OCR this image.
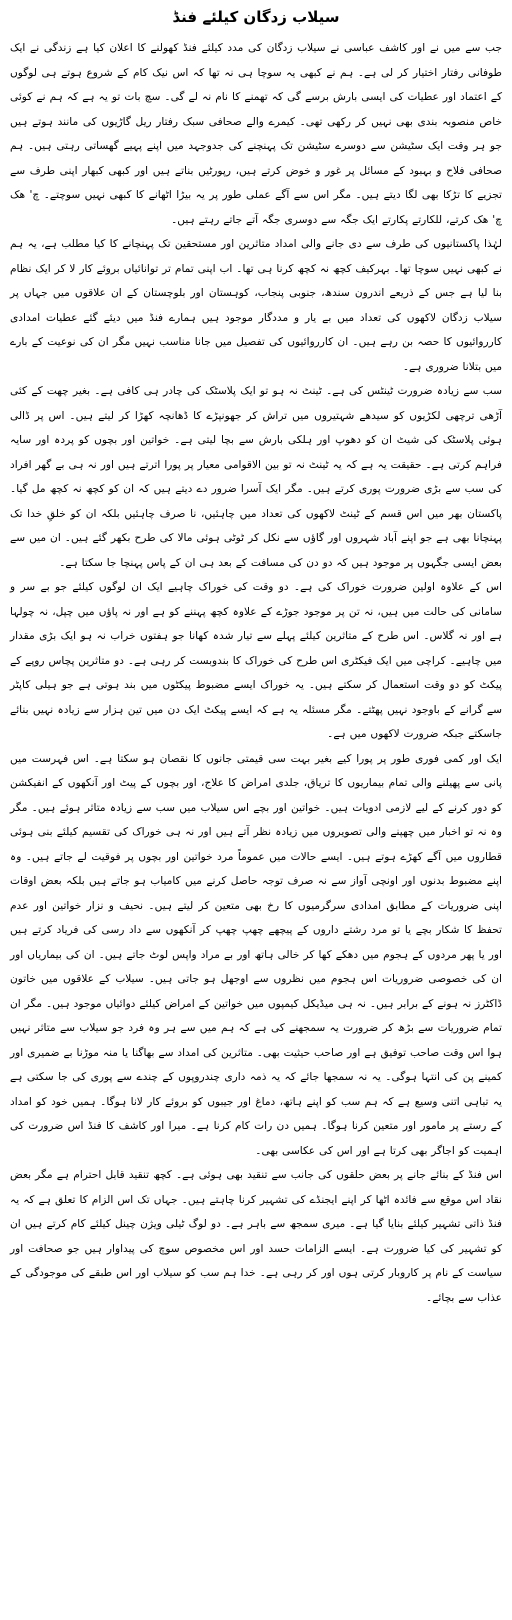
سیلاب زدگان کیلئے فنڈ

جب سے میں نے اور کاشف عباسی نے سیلاب زدگان کی مدد کیلئے فنڈ کھولنے کا اعلان کیا ہے زندگی نے ایک طوفانی رفتار اختیار کر لی ہے۔ ہم نے کبھی یہ سوچا ہی نہ تھا کہ اس نیک کام کے شروع ہوتے ہی لوگوں کے اعتماد اور عطیات کی ایسی بارش برسے گی کہ تھمنے کا نام نہ لے گی۔ سچ بات تو یہ ہے کہ ہم نے کوئی خاص منصوبہ بندی بھی نہیں کر رکھی تھی۔ کیمرے والے صحافی سبک رفتار ریل گاڑیوں کی مانند ہوتے ہیں جو ہر وقت ایک سٹیشن سے دوسرے سٹیشن تک پہنچنے کی جدوجہد میں اپنے پہیے گھساتی رہتی ہیں۔ ہم صحافی فلاح و بہبود کے مسائل پر غور و خوض کرتے ہیں، رپورٹیں بناتے ہیں اور کبھی کبھار اپنی طرف سے تجزیے کا تڑکا بھی لگا دیتے ہیں۔ مگر اس سے آگے عملی طور پر یہ بیڑا اٹھانے کا کبھی نہیں سوچتے۔ چ' ھک چ' ھک کرتے، للکارتے پکارتے ایک جگہ سے دوسری جگہ آتے جاتے رہتے ہیں۔

لہٰذا پاکستانیوں کی طرف سے دی جانے والی امداد متاثرین اور مستحقین تک پہنچانے کا کیا مطلب ہے، یہ ہم نے کبھی نہیں سوچا تھا۔ بہرکیف کچھ نہ کچھ کرنا ہی تھا۔ اب اپنی تمام تر توانائیاں بروئے کار لا کر ایک نظام بنا لیا ہے جس کے ذریعے اندرون سندھ، جنوبی پنجاب، کوہستان اور بلوچستان کے ان علاقوں میں جہاں پر سیلاب زدگان لاکھوں کی تعداد میں بے یار و مددگار موجود ہیں ہمارے فنڈ میں دیئے گئے عطیات امدادی کارروائیوں کا حصہ بن رہے ہیں۔ ان کارروائیوں کی تفصیل میں جانا مناسب نہیں مگر ان کی نوعیت کے بارے میں بتلانا ضروری ہے۔

سب سے زیادہ ضرورت ٹینٹس کی ہے۔ ٹینٹ نہ ہو تو ایک پلاسٹک کی چادر ہی کافی ہے۔ بغیر چھت کے کئی آڑھی ترچھی لکڑیوں کو سیدھے شہتیروں میں تراش کر جھونپڑے کا ڈھانچہ کھڑا کر لیتے ہیں۔ اس پر ڈالی ہوئی پلاسٹک کی شیٹ ان کو دھوپ اور ہلکی بارش سے بچا لیتی ہے۔ خواتین اور بچوں کو پردہ اور سایہ فراہم کرتی ہے۔ حقیقت یہ ہے کہ یہ ٹینٹ نہ تو بین الاقوامی معیار پر پورا اترتے ہیں اور نہ ہی بے گھر افراد کی سب سے بڑی ضرورت پوری کرتے ہیں۔ مگر ایک آسرا ضرور دے دیتے ہیں کہ ان کو کچھ نہ کچھ مل گیا۔ پاکستان بھر میں اس قسم کے ٹینٹ لاکھوں کی تعداد میں چاہئیں، نا صرف چاہئیں بلکہ ان کو خلقِ خدا تک پہنچانا بھی ہے جو اپنے آباد شہروں اور گاؤں سے نکل کر ٹوٹی ہوئی مالا کی طرح بکھر گئے ہیں۔ ان میں سے بعض ایسی جگہوں پر موجود ہیں کہ دو دن کی مسافت کے بعد ہی ان کے پاس پہنچا جا سکتا ہے۔

اس کے علاوہ اولین ضرورت خوراک کی ہے۔ دو وقت کی خوراک چاہیے ایک ان لوگوں کیلئے جو بے سر و سامانی کی حالت میں ہیں، نہ تن پر موجود جوڑے کے علاوہ کچھ پہننے کو ہے اور نہ پاؤں میں چپل، نہ چولہا ہے اور نہ گلاس۔ اس طرح کے متاثرین کیلئے پہلے سے تیار شدہ کھانا جو ہفتوں خراب نہ ہو ایک بڑی مقدار میں چاہیے۔ کراچی میں ایک فیکٹری اس طرح کی خوراک کا بندوبست کر رہی ہے۔ دو متاثرین پچاس روپے کے پیکٹ کو دو وقت استعمال کر سکتے ہیں۔ یہ خوراک ایسے مضبوط پیکٹوں میں بند ہوتی ہے جو ہیلی کاپٹر سے گرانے کے باوجود نہیں پھٹتے۔ مگر مسئلہ یہ ہے کہ ایسے پیکٹ ایک دن میں تین ہزار سے زیادہ نہیں بنائے جاسکتے جبکہ ضرورت لاکھوں میں ہے۔

ایک اور کمی فوری طور پر پورا کیے بغیر بہت سی قیمتی جانوں کا نقصان ہو سکتا ہے۔ اس فہرست میں پانی سے پھیلنے والی تمام بیماریوں کا تریاق، جلدی امراض کا علاج، اور بچوں کے پیٹ اور آنکھوں کے انفیکشن کو دور کرنے کے لیے لازمی ادویات ہیں۔ خواتین اور بچے اس سیلاب میں سب سے زیادہ متاثر ہوئے ہیں۔ مگر وہ نہ تو اخبار میں چھپنے والی تصویروں میں زیادہ نظر آتے ہیں اور نہ ہی خوراک کی تقسیم کیلئے بنی ہوئی قطاروں میں آگے کھڑے ہوتے ہیں۔ ایسے حالات میں عموماً مرد خواتین اور بچوں پر فوقیت لے جاتے ہیں۔ وہ اپنے مضبوط بدنوں اور اونچی آواز سے نہ صرف توجہ حاصل کرنے میں کامیاب ہو جاتے ہیں بلکہ بعض اوقات اپنی ضروریات کے مطابق امدادی سرگرمیوں کا رخ بھی متعین کر لیتے ہیں۔ نحیف و نزار خواتین اور عدم تحفظ کا شکار بچے یا تو مرد رشتے داروں کے پیچھے چھپ چھپ کر آنکھوں سے داد رسی کی فریاد کرتے ہیں اور یا پھر مردوں کے ہجوم میں دھکے کھا کر خالی ہاتھ اور بے مراد واپس لوٹ جاتے ہیں۔ ان کی بیماریاں اور ان کی خصوصی ضروریات اس ہجوم میں نظروں سے اوجھل ہو جاتی ہیں۔ سیلاب کے علاقوں میں خاتون ڈاکٹرز نہ ہونے کے برابر ہیں۔ نہ ہی میڈیکل کیمپوں میں خواتین کے امراض کیلئے دوائیاں موجود ہیں۔ مگر ان تمام ضروریات سے بڑھ کر ضرورت یہ سمجھنے کی ہے کہ ہم میں سے ہر وہ فرد جو سیلاب سے متاثر نہیں ہوا اس وقت صاحب توفیق ہے اور صاحب حیثیت بھی۔ متاثرین کی امداد سے بھاگنا یا منہ موڑنا بے ضمیری اور کمینے پن کی انتہا ہوگی۔ یہ نہ سمجھا جائے کہ یہ ذمہ داری چندروپوں کے چندے سے پوری کی جا سکتی ہے یہ تباہی اتنی وسیع ہے کہ ہم سب کو اپنے ہاتھ، دماغ اور جیبوں کو بروئے کار لانا ہوگا۔ ہمیں خود کو امداد کے رستے پر مامور اور متعین کرنا ہوگا۔ ہمیں دن رات کام کرنا ہے۔ میرا اور کاشف کا فنڈ اس ضرورت کی اہمیت کو اجاگر بھی کرتا ہے اور اس کی عکاسی بھی۔

اس فنڈ کے بنائے جانے پر بعض حلقوں کی جانب سے تنقید بھی ہوئی ہے۔ کچھ تنقید قابل احترام ہے مگر بعض نقاد اس موقع سے فائدہ اٹھا کر اپنے ایجنڈے کی تشہیر کرنا چاہتے ہیں۔ جہاں تک اس الزام کا تعلق ہے کہ یہ فنڈ ذاتی تشہیر کیلئے بنایا گیا ہے۔ میری سمجھ سے باہر ہے۔ دو لوگ ٹیلی ویژن چینل کیلئے کام کرتے ہیں ان کو تشہیر کی کیا ضرورت ہے۔ ایسے الزامات حسد اور اس مخصوص سوچ کی پیداوار ہیں جو صحافت اور سیاست کے نام پر کاروبار کرتی ہوں اور کر رہی ہے۔ خدا ہم سب کو سیلاب اور اس طبقے کی موجودگی کے عذاب سے بچائے۔
